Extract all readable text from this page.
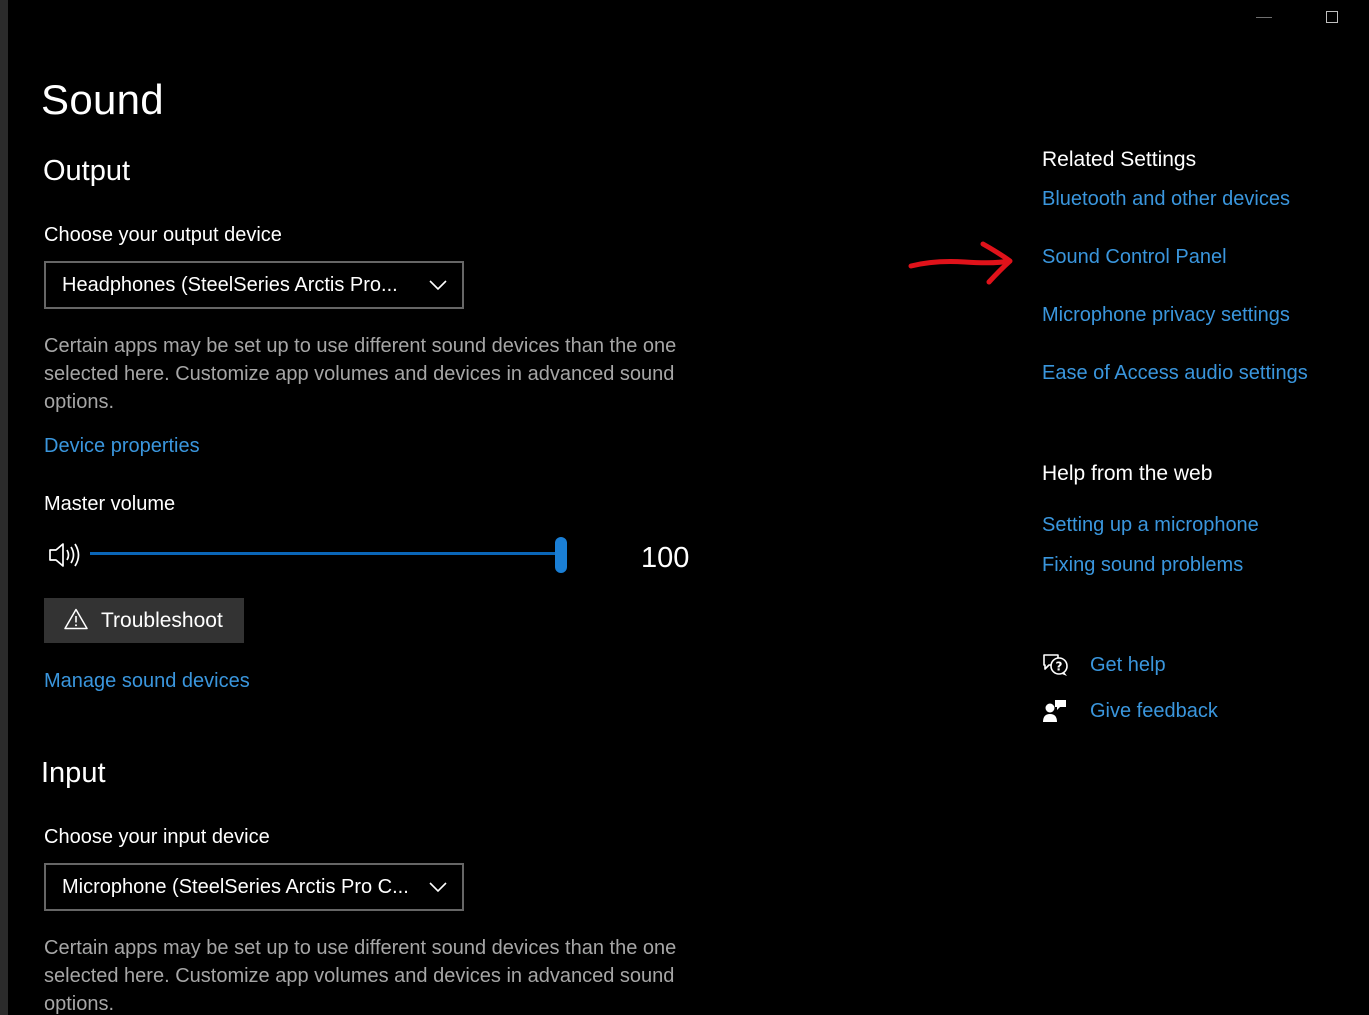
Sound
Output
Choose your output device
Headphones (SteelSeries Arctis Pro...
Certain apps may be set up to use different sound devices than the one selected here. Customize app volumes and devices in advanced sound options.
Device properties
Master volume
100
Troubleshoot
Manage sound devices
Input
Choose your input device
Microphone (SteelSeries Arctis Pro C...
Certain apps may be set up to use different sound devices than the one selected here. Customize app volumes and devices in advanced sound options.
Related Settings
Bluetooth and other devices
Sound Control Panel
Microphone privacy settings
Ease of Access audio settings
Help from the web
Setting up a microphone
Fixing sound problems
? Get help
Give feedback
